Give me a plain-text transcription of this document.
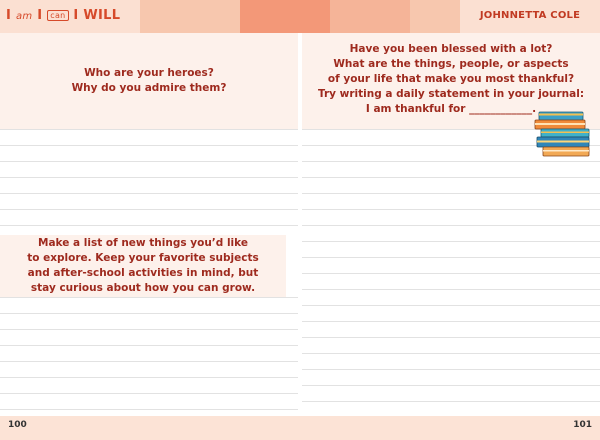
I am I can I WILL	JOHNNETTA COLE
Who are your heroes?
Why do you admire them?
Make a list of new things you’d like
to explore. Keep your favorite subjects
and after-school activities in mind, but
stay curious about how you can grow.
Have you been blessed with a lot?
What are the things, people, or aspects
of your life that make you most thankful?
Try writing a daily statement in your journal:
I am thankful for ____________.
100	101
